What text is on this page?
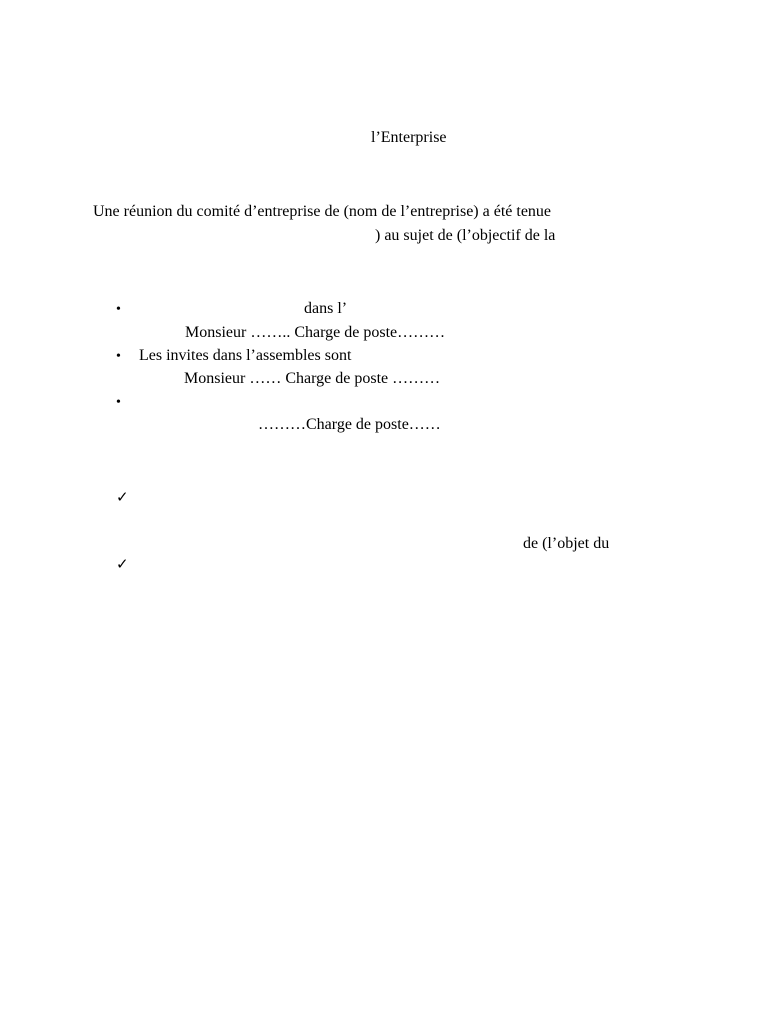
l’Enterprise
Une réunion du comité d’entreprise de (nom de l’entreprise) a été tenue
) au sujet de (l’objectif de la
•	dans l’
Monsieur …….. Charge de poste………
• Les invites dans l’assembles sont
Monsieur …… Charge de poste ………
•
………Charge de poste……
✓
de (l’objet du
✓
